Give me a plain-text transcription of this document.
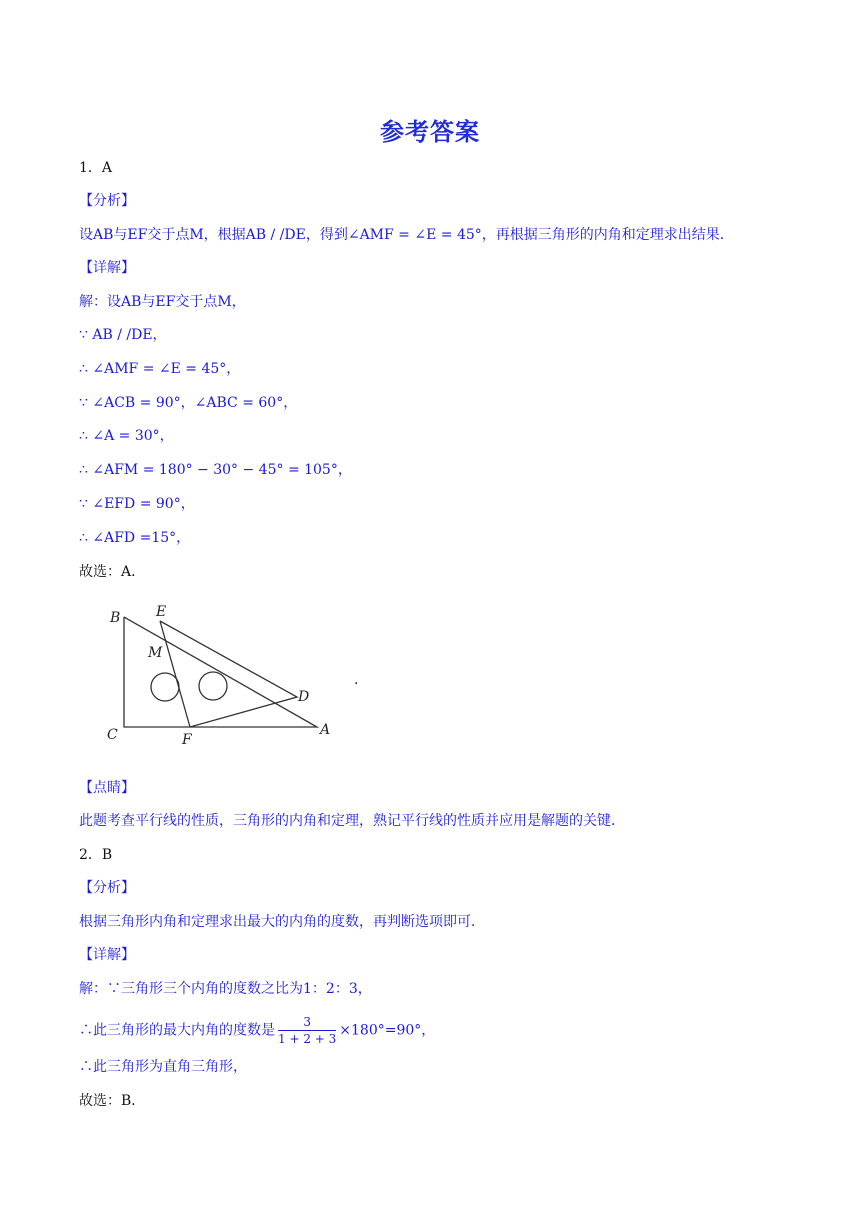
参考答案
1．A
【分析】
设AB与EF交于点M，根据AB / /DE，得到∠AMF = ∠E = 45°，再根据三角形的内角和定理求出结果．
【详解】
解：设AB与EF交于点M，
∵ AB / /DE，
∴ ∠AMF = ∠E = 45°，
∵ ∠ACB = 90°，∠ABC = 60°，
∴ ∠A = 30°，
∴ ∠AFM = 180° − 30° − 45° = 105°，
∵ ∠EFD = 90°，
∴ ∠AFD =15°，
故选：A．
B	E
M
D
C	F
A
.
【点睛】
此题考查平行线的性质，三角形的内角和定理，熟记平行线的性质并应用是解题的关键．
2．B
【分析】
根据三角形内角和定理求出最大的内角的度数，再判断选项即可．
【详解】
解：∵三角形三个内角的度数之比为1：2：3，
∴此三角形的最大内角的度数是 $\frac{3}{1 + 2 + 3} \times 180^\circ=90^\circ$，
∴此三角形为直角三角形，
故选：B．
